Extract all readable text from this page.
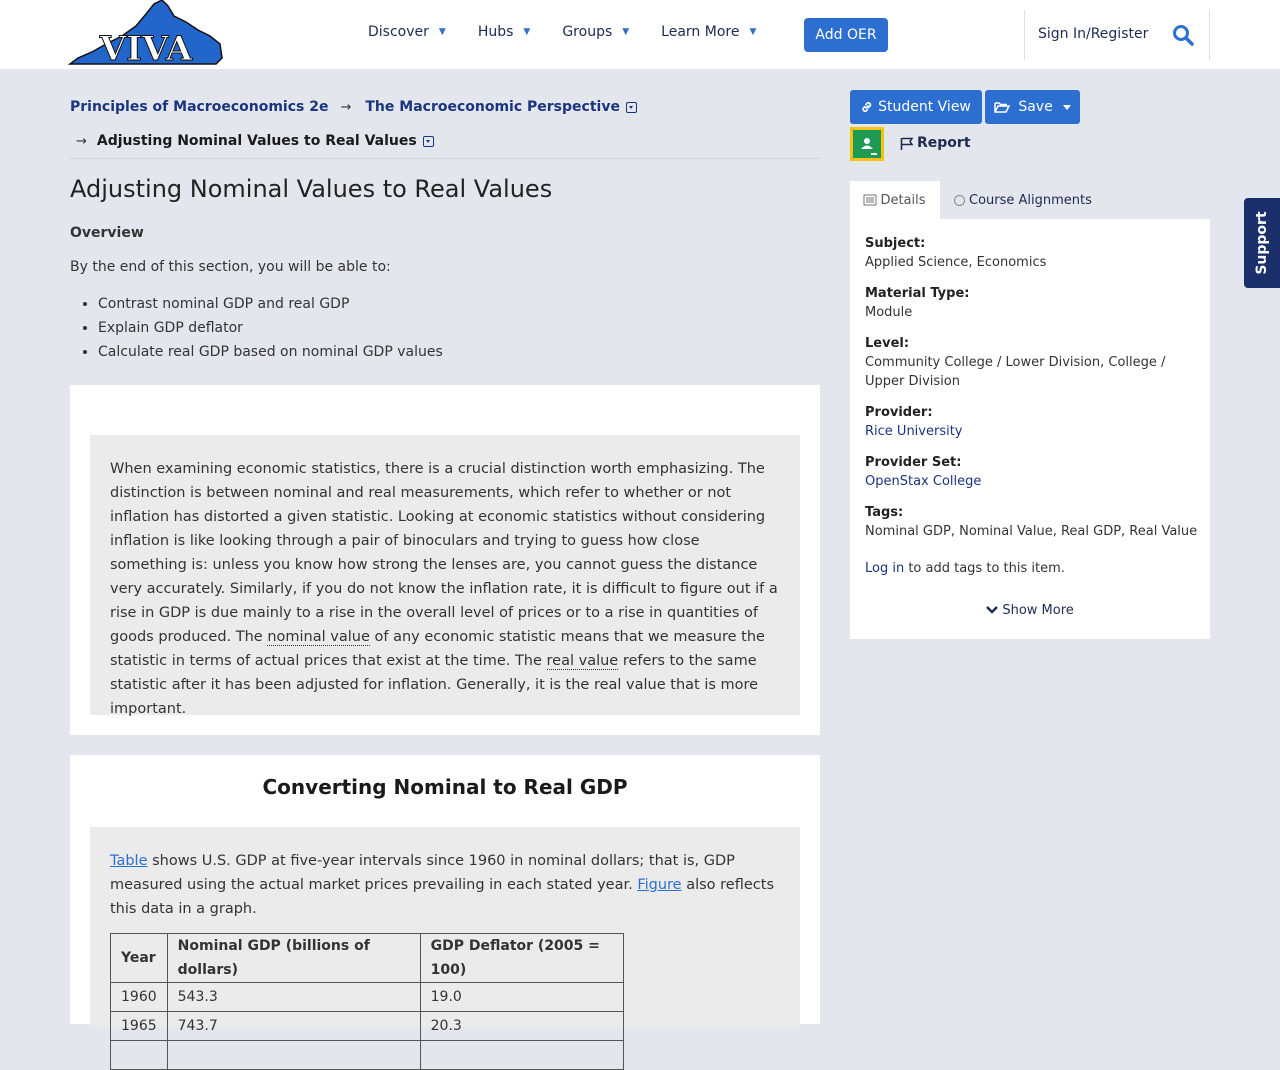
VIVA	Discover ▼ Hubs ▼ Groups ▼ Learn More ▼	Add OER	Sign In/Register
Principles of Macroeconomics 2e → The Macroeconomic Perspective
→ Adjusting Nominal Values to Real Values
Adjusting Nominal Values to Real Values
Overview
By the end of this section, you will be able to:
• Contrast nominal GDP and real GDP
• Explain GDP deflator
• Calculate real GDP based on nominal GDP values
When examining economic statistics, there is a crucial distinction worth emphasizing. The distinction is between nominal and real measurements, which refer to whether or not inflation has distorted a given statistic. Looking at economic statistics without considering inflation is like looking through a pair of binoculars and trying to guess how close something is: unless you know how strong the lenses are, you cannot guess the distance very accurately. Similarly, if you do not know the inflation rate, it is difficult to figure out if a rise in GDP is due mainly to a rise in the overall level of prices or to a rise in quantities of goods produced. The nominal value of any economic statistic means that we measure the statistic in terms of actual prices that exist at the time. The real value refers to the same statistic after it has been adjusted for inflation. Generally, it is the real value that is more important.
Converting Nominal to Real GDP
Table shows U.S. GDP at five-year intervals since 1960 in nominal dollars; that is, GDP measured using the actual market prices prevailing in each stated year. Figure also reflects this data in a graph.
Year	Nominal GDP (billions of dollars)	GDP Deflator (2005 = 100)
1960	543.3	19.0
1965	743.7	20.3

Student View	Save
Report
Details	Course Alignments
Subject:
Applied Science, Economics
Material Type:
Module
Level:
Community College / Lower Division, College / Upper Division
Provider:
Rice University
Provider Set:
OpenStax College
Tags:
Nominal GDP, Nominal Value, Real GDP, Real Value
Log in to add tags to this item.
Show More
Support
